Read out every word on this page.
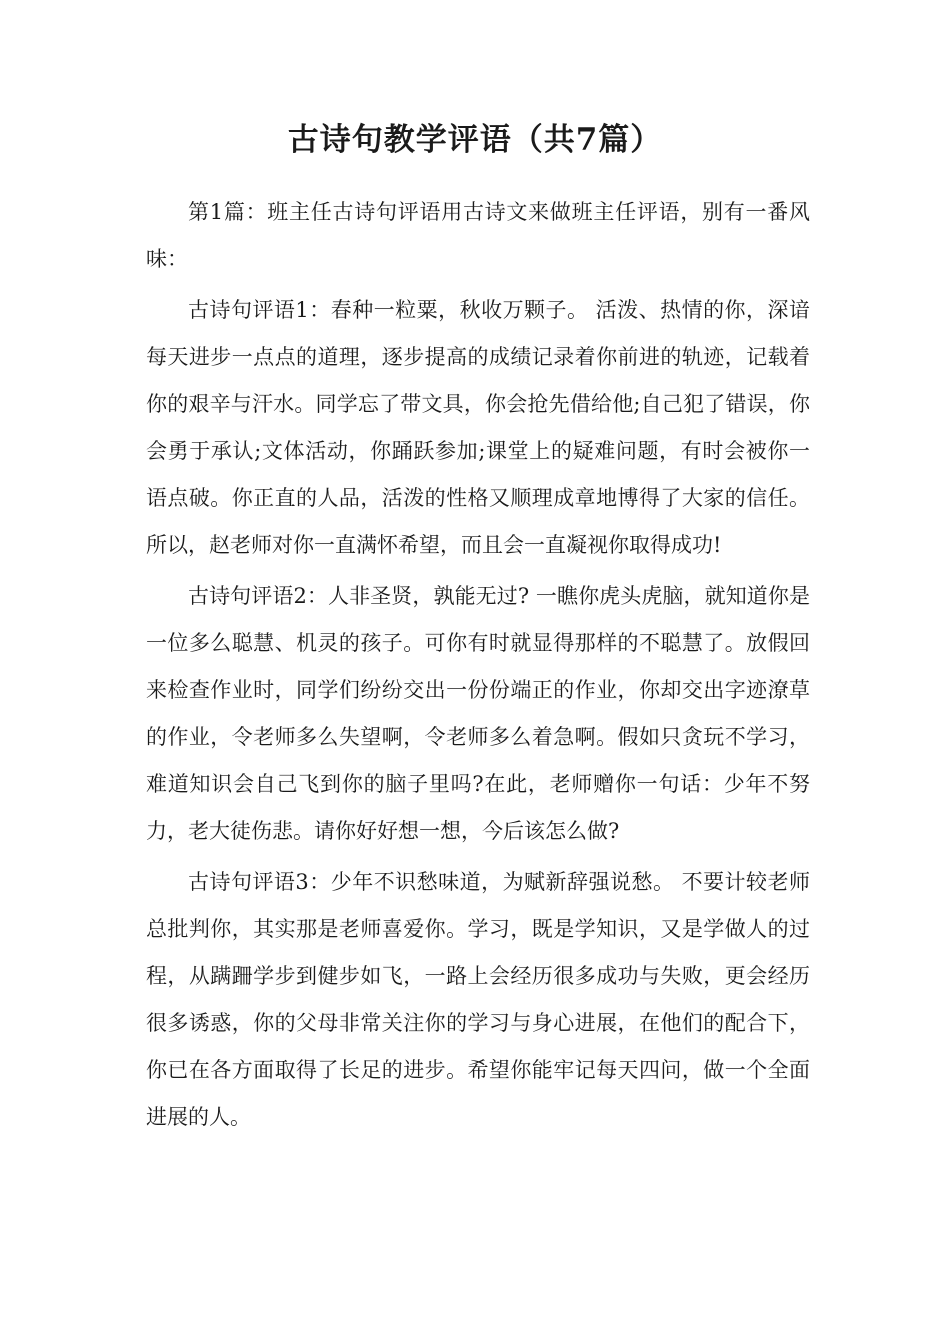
古诗句教学评语（共7篇）

第1篇：班主任古诗句评语用古诗文来做班主任评语，别有一番风味：

古诗句评语1：春种一粒粟，秋收万颗子。 活泼、热情的你，深谙每天进步一点点的道理，逐步提高的成绩记录着你前进的轨迹，记载着你的艰辛与汗水。同学忘了带文具，你会抢先借给他;自己犯了错误，你会勇于承认;文体活动，你踊跃参加;课堂上的疑难问题，有时会被你一语点破。你正直的人品，活泼的性格又顺理成章地博得了大家的信任。所以，赵老师对你一直满怀希望，而且会一直凝视你取得成功!

古诗句评语2：人非圣贤，孰能无过? 一瞧你虎头虎脑，就知道你是一位多么聪慧、机灵的孩子。可你有时就显得那样的不聪慧了。放假回来检查作业时，同学们纷纷交出一份份端正的作业，你却交出字迹潦草的作业，令老师多么失望啊，令老师多么着急啊。假如只贪玩不学习，难道知识会自己飞到你的脑子里吗?在此，老师赠你一句话：少年不努力，老大徒伤悲。请你好好想一想，今后该怎么做?

古诗句评语3：少年不识愁味道，为赋新辞强说愁。 不要计较老师总批判你，其实那是老师喜爱你。学习，既是学知识，又是学做人的过程，从蹒跚学步到健步如飞，一路上会经历很多成功与失败，更会经历很多诱惑，你的父母非常关注你的学习与身心进展，在他们的配合下，你已在各方面取得了长足的进步。希望你能牢记每天四问，做一个全面进展的人。
